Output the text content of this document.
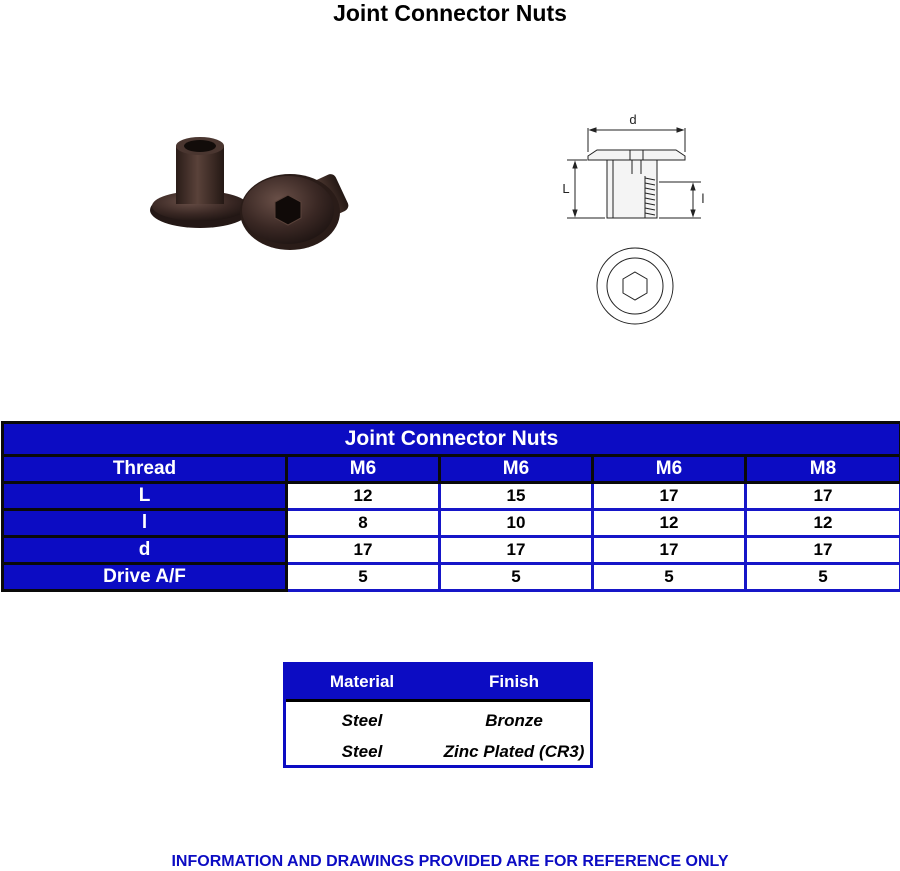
Joint Connector Nuts
d
L
l
Joint Connector Nuts				
Thread	M6	M6	M6	M8
L	12	15	17	17
l	8	10	12	12
d	17	17	17	17
Drive A/F	5	5	5	5
Material	Finish
Steel	Bronze
Steel	Zinc Plated (CR3)
INFORMATION AND DRAWINGS PROVIDED ARE FOR REFERENCE ONLY
